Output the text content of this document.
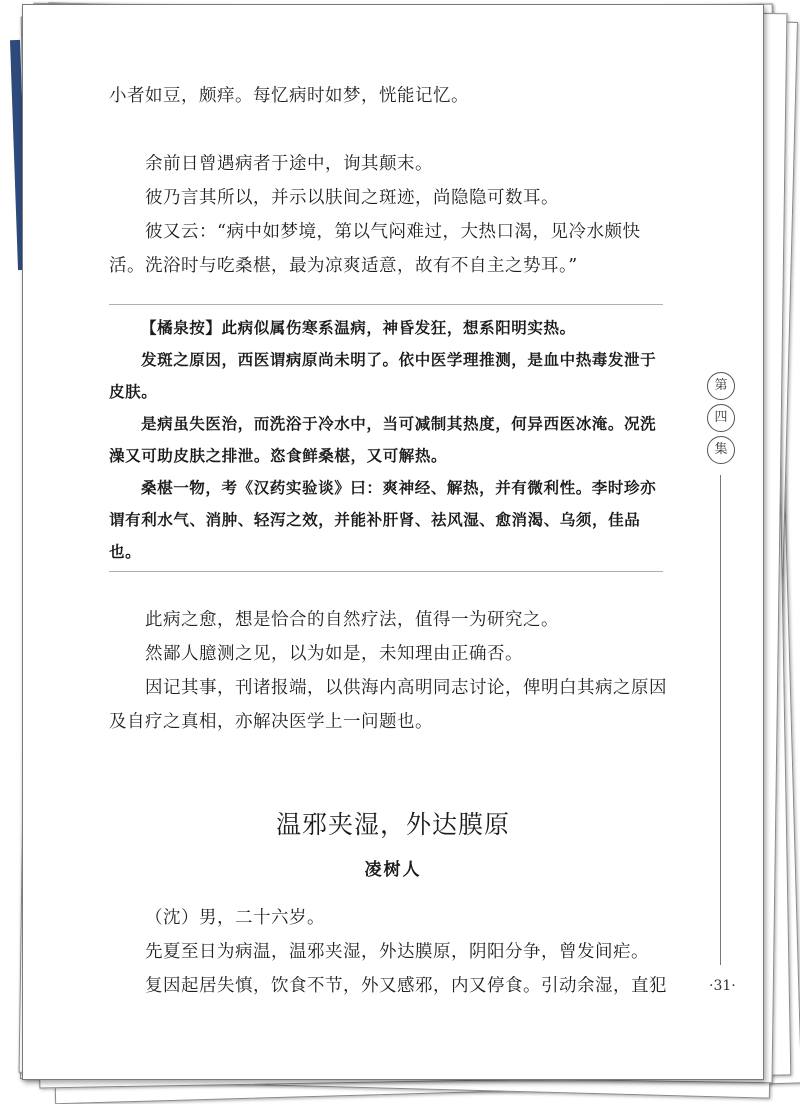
小者如豆，颇痒。每忆病时如梦，恍能记忆。

余前日曾遇病者于途中，询其颠末。

彼乃言其所以，并示以肤间之斑迹，尚隐隐可数耳。

彼又云：“病中如梦境，第以气闷难过，大热口渴，见冷水颇快活。洗浴时与吃桑椹，最为凉爽适意，故有不自主之势耳。”

【橘泉按】此病似属伤寒系温病，神昏发狂，想系阳明实热。

发斑之原因，西医谓病原尚未明了。依中医学理推测，是血中热毒发泄于皮肤。

是病虽失医治，而洗浴于冷水中，当可减制其热度，何异西医冰淹。况洗澡又可助皮肤之排泄。恣食鲜桑椹，又可解热。

桑椹一物，考《汉药实验谈》曰：爽神经、解热，并有微利性。李时珍亦谓有利水气、消肿、轻泻之效，并能补肝肾、祛风湿、愈消渴、乌须，佳品也。

此病之愈，想是恰合的自然疗法，值得一为研究之。

然鄙人臆测之见，以为如是，未知理由正确否。

因记其事，刊诸报端，以供海内高明同志讨论，俾明白其病之原因及自疗之真相，亦解决医学上一问题也。

温邪夹湿，外达膜原
凌树人

（沈）男，二十六岁。

先夏至日为病温，温邪夹湿，外达膜原，阴阳分争，曾发间疟。

复因起居失慎，饮食不节，外又感邪，内又停食。引动余湿，直犯

第
四
集
·31·
